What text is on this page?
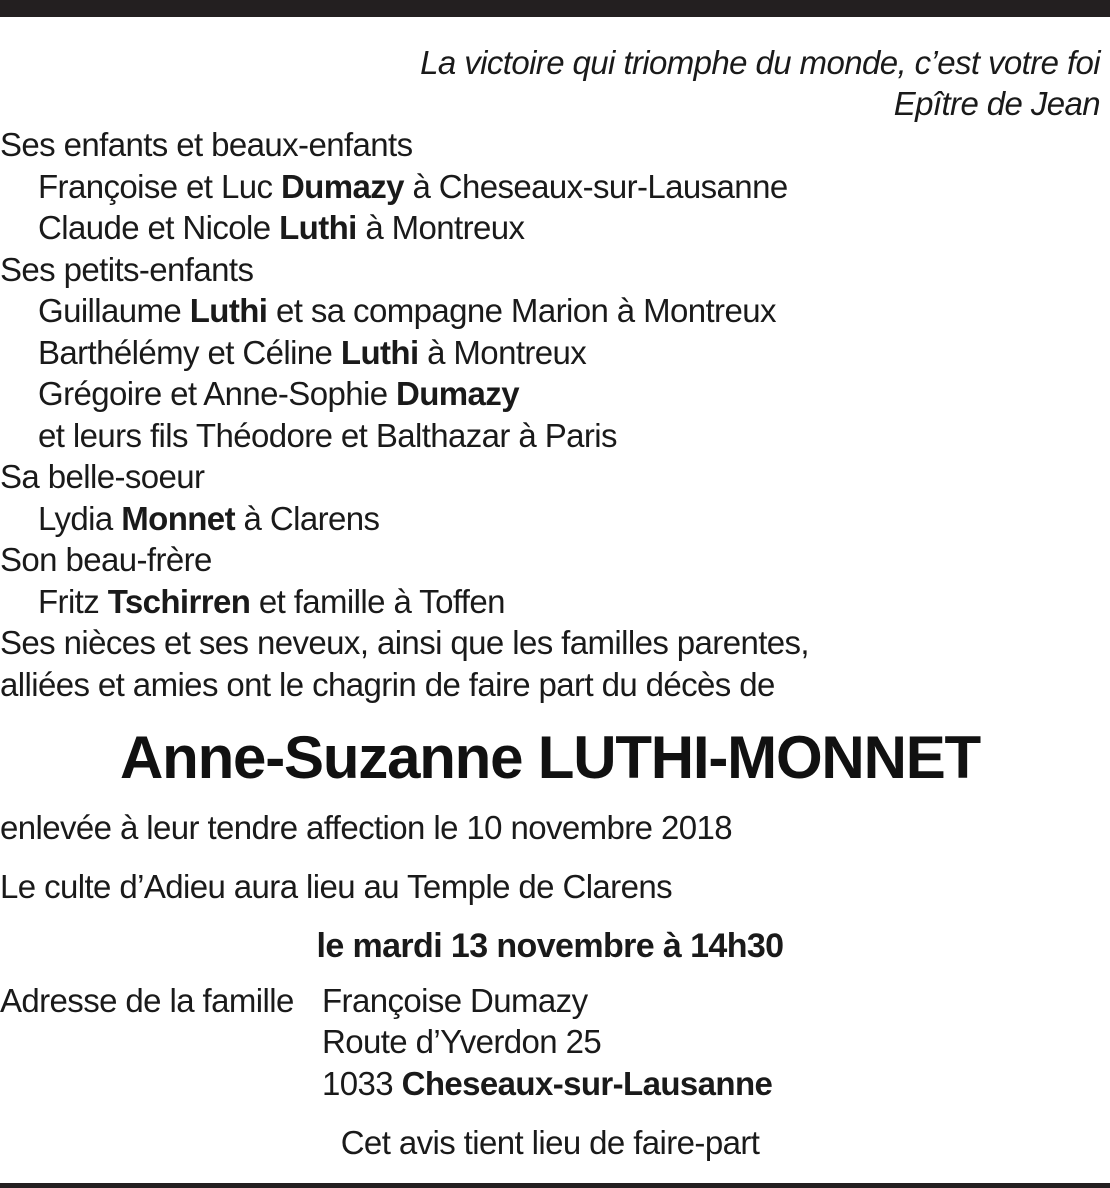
La victoire qui triomphe du monde, c’est votre foi
Epître de Jean
Ses enfants et beaux-enfants
Françoise et Luc Dumazy à Cheseaux-sur-Lausanne
Claude et Nicole Luthi à Montreux
Ses petits-enfants
Guillaume Luthi et sa compagne Marion à Montreux
Barthélémy et Céline Luthi à Montreux
Grégoire et Anne-Sophie Dumazy
et leurs fils Théodore et Balthazar à Paris
Sa belle-soeur
Lydia Monnet à Clarens
Son beau-frère
Fritz Tschirren et famille à Toffen
Ses nièces et ses neveux, ainsi que les familles parentes,
alliées et amies ont le chagrin de faire part du décès de
Anne-Suzanne LUTHI-MONNET
enlevée à leur tendre affection le 10 novembre 2018
Le culte d’Adieu aura lieu au Temple de Clarens
le mardi 13 novembre à 14h30
Adresse de la famille Françoise Dumazy
Route d’Yverdon 25
1033 Cheseaux-sur-Lausanne
Cet avis tient lieu de faire-part
